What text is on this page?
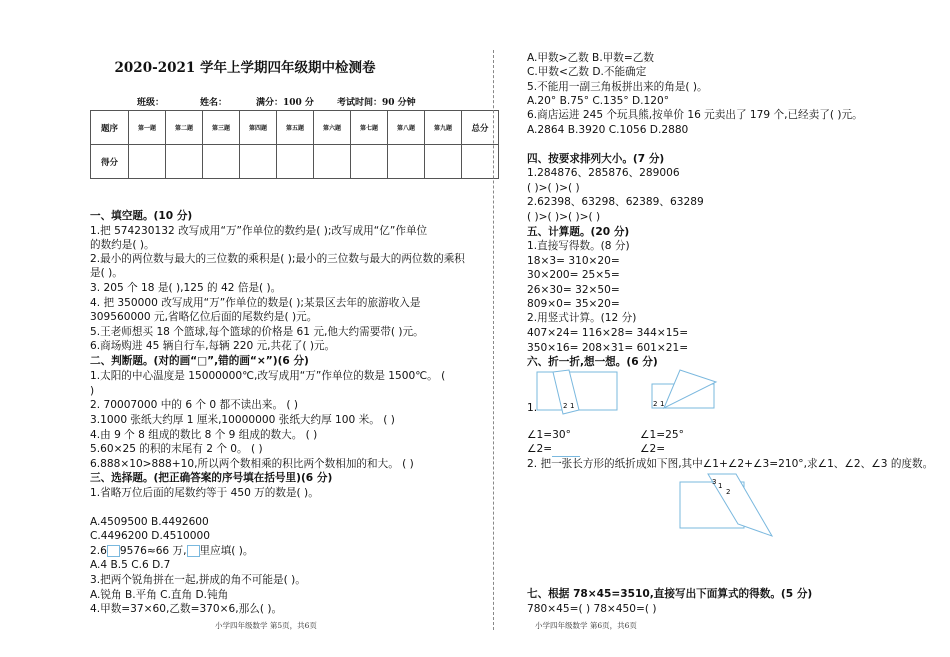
2020-2021 学年上学期四年级期中检测卷
班级：	姓名：	满分：100 分	考试时间：90 分钟
题序	第一题	第二题	第三题	第四题	第五题	第六题	第七题	第八题	第九题	总分
得分										
一、填空题。(10 分)
1.把 574230132 改写成用“万”作单位的数约是( );改写成用“亿”作单位
的数约是( )。
2.最小的两位数与最大的三位数的乘积是( );最小的三位数与最大的两位数的乘积
是( )。
3. 205 个 18 是( ),125 的 42 倍是( )。
4. 把 350000 改写成用“万”作单位的数是( );某景区去年的旅游收入是
309560000 元,省略亿位后面的尾数约是( )元。
5.王老师想买 18 个篮球,每个篮球的价格是 61 元,他大约需要带( )元。
6.商场购进 45 辆自行车,每辆 220 元,共花了( )元。
二、判断题。(对的画“□”,错的画“×”)(6 分)
1.太阳的中心温度是 15000000℃,改写成用“万”作单位的数是 1500℃。 (
)
2. 70007000 中的 6 个 0 都不读出来。 ( )
3.1000 张纸大约厚 1 厘米,10000000 张纸大约厚 100 米。 ( )
4.由 9 个 8 组成的数比 8 个 9 组成的数大。 ( )
5.60×25 的积的末尾有 2 个 0。 ( )
6.888×10>888+10,所以两个数相乘的积比两个数相加的和大。 ( )
三、选择题。(把正确答案的序号填在括号里)(6 分)
1.省略万位后面的尾数约等于 450 万的数是( )。
A.4509500 B.4492600
C.4496200 D.4510000
2.6 9576≈66 万, 里应填( )。
A.4 B.5 C.6 D.7
3.把两个锐角拼在一起,拼成的角不可能是( )。
A.锐角 B.平角 C.直角 D.钝角
4.甲数=37×60,乙数=370×6,那么( )。
小学四年级数学 第5页，共6页
A.甲数>乙数 B.甲数=乙数
C.甲数<乙数 D.不能确定
5.不能用一副三角板拼出来的角是( )。
A.20° B.75° C.135° D.120°
6.商店运进 245 个玩具熊,按单价 16 元卖出了 179 个,已经卖了( )元。
A.2864 B.3920 C.1056 D.2880
四、按要求排列大小。(7 分)
1.284876、285876、289006
( )>( )>( )
2.62398、63298、62389、63289
( )>( )>( )>( )
五、计算题。(20 分)
1.直接写得数。(8 分)
18×3= 310×20=
30×200= 25×5=
26×30= 32×50=
809×0= 35×20=
2.用竖式计算。(12 分)
407×24= 116×28= 344×15=
350×16= 208×31= 601×21=
六、折一折,想一想。(6 分)
1.	2 1	2 1
∠1=30°
∠2=
∠1=25°
∠2=
2. 把一张长方形的纸折成如下图,其中∠1+∠2+∠3=210°,求∠1、∠2、∠3 的度数。
3 1
2
七、根据 78×45=3510,直接写出下面算式的得数。(5 分)
780×45=( ) 78×450=( )
小学四年级数学 第6页，共6页
